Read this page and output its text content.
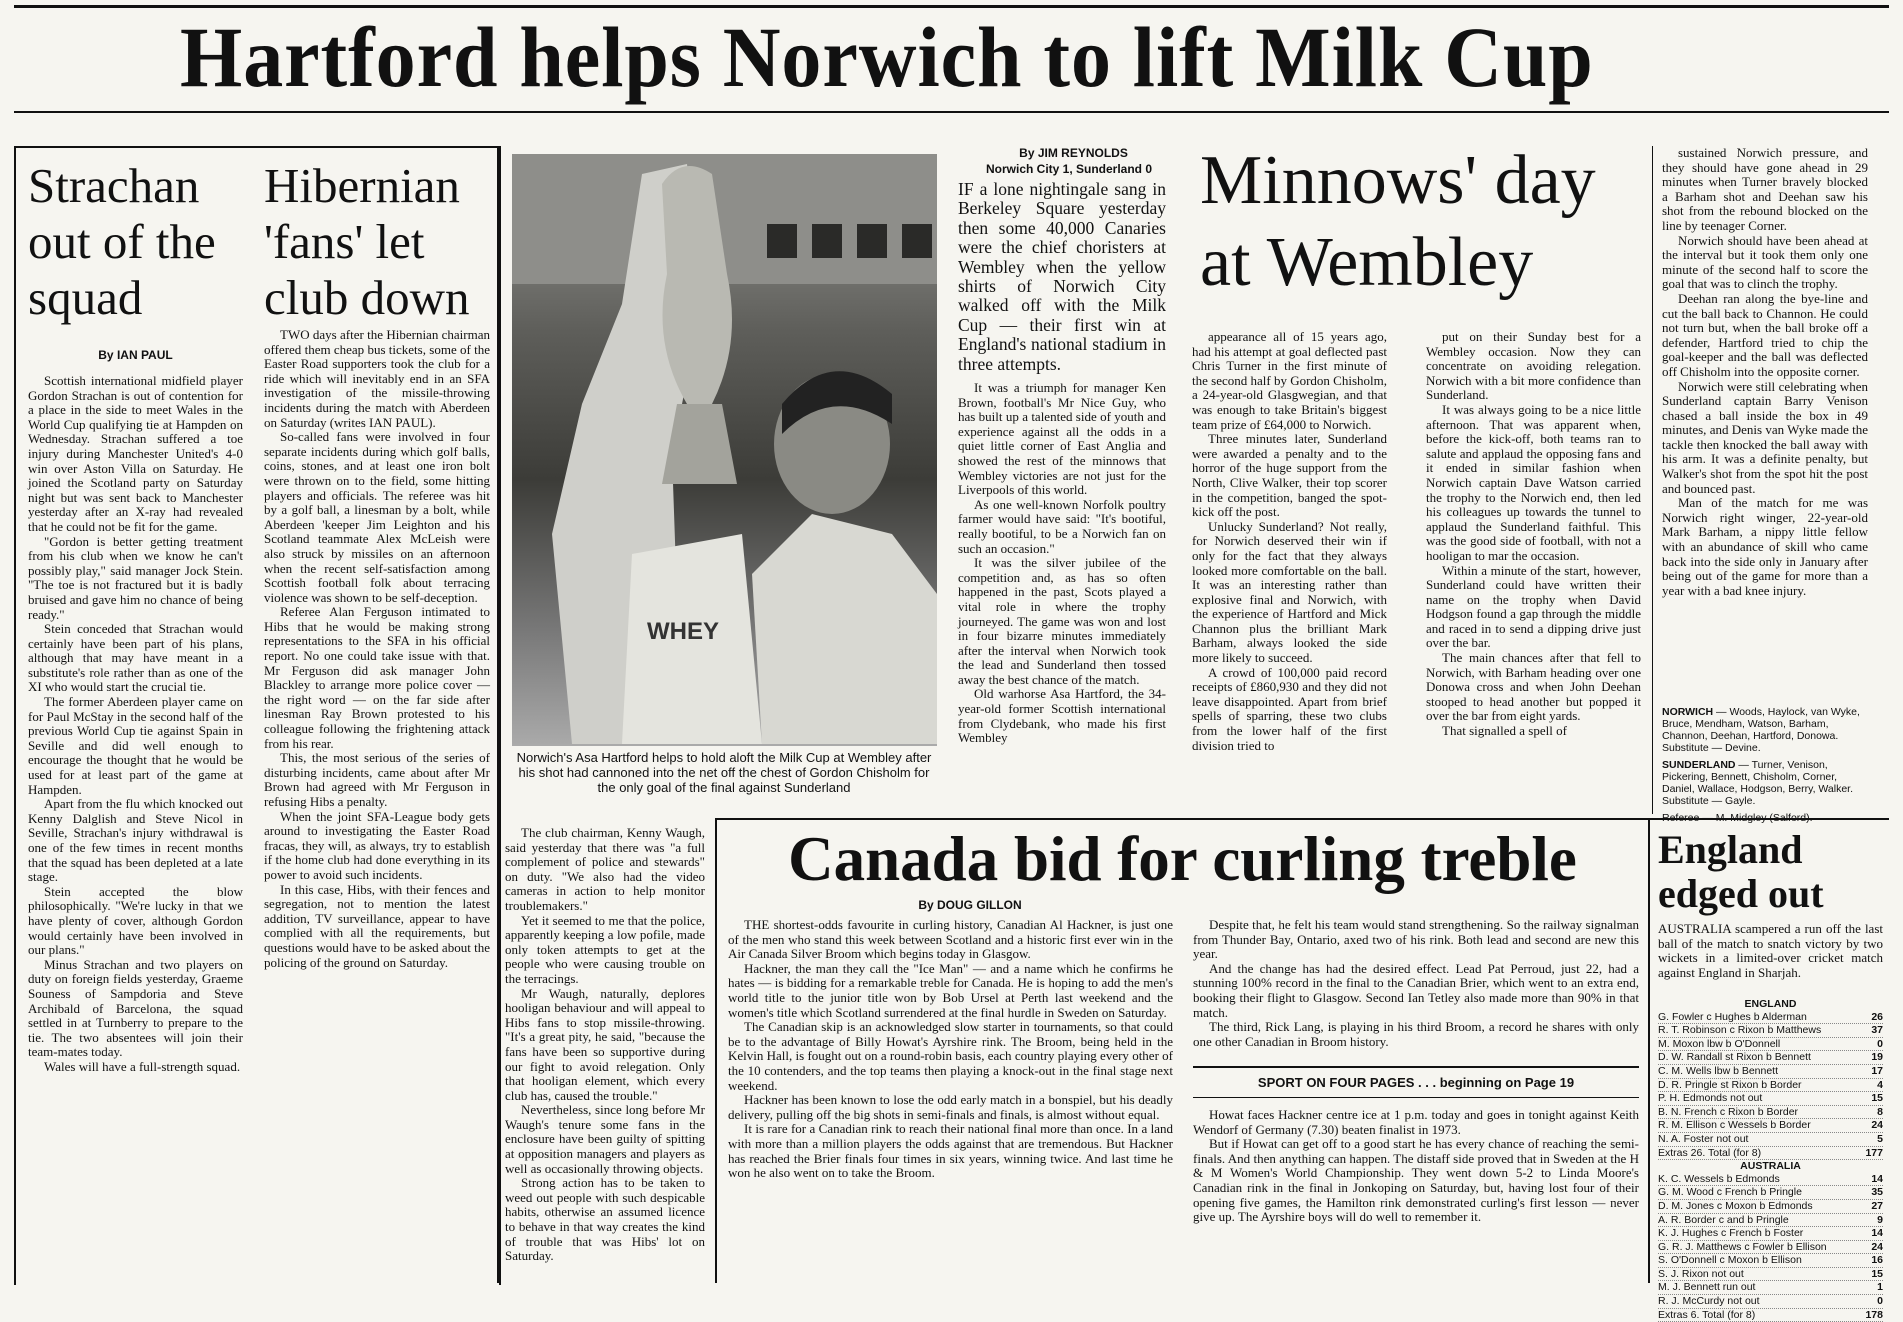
Hartford helps Norwich to lift Milk Cup
Strachan out of the squad
By IAN PAUL

Scottish international midfield player Gordon Strachan is out of contention for a place in the side to meet Wales in the World Cup qualifying tie at Hampden on Wednesday. Strachan suffered a toe injury during Manchester United's 4-0 win over Aston Villa on Saturday. He joined the Scotland party on Saturday night but was sent back to Manchester yesterday after an X-ray had revealed that he could not be fit for the game.

"Gordon is better getting treatment from his club when we know he can't possibly play," said manager Jock Stein. "The toe is not fractured but it is badly bruised and gave him no chance of being ready."

Stein conceded that Strachan would certainly have been part of his plans, although that may have meant in a substitute's role rather than as one of the XI who would start the crucial tie.

The former Aberdeen player came on for Paul McStay in the second half of the previous World Cup tie against Spain in Seville and did well enough to encourage the thought that he would be used for at least part of the game at Hampden.

Apart from the flu which knocked out Kenny Dalglish and Steve Nicol in Seville, Strachan's injury withdrawal is one of the few times in recent months that the squad has been depleted at a late stage.

Stein accepted the blow philosophically. "We're lucky in that we have plenty of cover, although Gordon would certainly have been involved in our plans."

Minus Strachan and two players on duty on foreign fields yesterday, Graeme Souness of Sampdoria and Steve Archibald of Barcelona, the squad settled in at Turnberry to prepare to the tie. The two absentees will join their team-mates today.

Wales will have a full-strength squad.

Hibernian 'fans' let club down

TWO days after the Hibernian chairman offered them cheap bus tickets, some of the Easter Road supporters took the club for a ride which will inevitably end in an SFA investigation of the missile-throwing incidents during the match with Aberdeen on Saturday (writes IAN PAUL).

So-called fans were involved in four separate incidents during which golf balls, coins, stones, and at least one iron bolt were thrown on to the field, some hitting players and officials. The referee was hit by a golf ball, a linesman by a bolt, while Aberdeen 'keeper Jim Leighton and his Scotland teammate Alex McLeish were also struck by missiles on an afternoon when the recent self-satisfaction among Scottish football folk about terracing violence was shown to be self-deception.

Referee Alan Ferguson intimated to Hibs that he would be making strong representations to the SFA in his official report. No one could take issue with that. Mr Ferguson did ask manager John Blackley to arrange more police cover — the right word — on the far side after linesman Ray Brown protested to his colleague following the frightening attack from his rear.

This, the most serious of the series of disturbing incidents, came about after Mr Brown had agreed with Mr Ferguson in refusing Hibs a penalty.

When the joint SFA-League body gets around to investigating the Easter Road fracas, they will, as always, try to establish if the home club had done everything in its power to avoid such incidents.

In this case, Hibs, with their fences and segregation, not to mention the latest addition, TV surveillance, appear to have complied with all the requirements, but questions would have to be asked about the policing of the ground on Saturday.

WHEY
Norwich's Asa Hartford helps to hold aloft the Milk Cup at Wembley after his shot had cannoned into the net off the chest of Gordon Chisholm for the only goal of the final against Sunderland

The club chairman, Kenny Waugh, said yesterday that there was "a full complement of police and stewards" on duty. "We also had the video cameras in action to help monitor troublemakers."

Yet it seemed to me that the police, apparently keeping a low pofile, made only token attempts to get at the people who were causing trouble on the terracings.

Mr Waugh, naturally, deplores hooligan behaviour and will appeal to Hibs fans to stop missile-throwing. "It's a great pity, he said, "because the fans have been so supportive during our fight to avoid relegation. Only that hooligan element, which every club has, caused the trouble."

Nevertheless, since long before Mr Waugh's tenure some fans in the enclosure have been guilty of spitting at opposition managers and players as well as occasionally throwing objects.

Strong action has to be taken to weed out people with such despicable habits, otherwise an assumed licence to behave in that way creates the kind of trouble that was Hibs' lot on Saturday.

By JIM REYNOLDS
Norwich City 1, Sunderland 0
IF a lone nightingale sang in Berkeley Square yesterday then some 40,000 Canaries were the chief choristers at Wembley when the yellow shirts of Norwich City walked off with the Milk Cup — their first win at England's national stadium in three attempts.

It was a triumph for manager Ken Brown, football's Mr Nice Guy, who has built up a talented side of youth and experience against all the odds in a quiet little corner of East Anglia and showed the rest of the minnows that Wembley victories are not just for the Liverpools of this world.

As one well-known Norfolk poultry farmer would have said: "It's bootiful, really bootiful, to be a Norwich fan on such an occasion."

It was the silver jubilee of the competition and, as has so often happened in the past, Scots played a vital role in where the trophy journeyed. The game was won and lost in four bizarre minutes immediately after the interval when Norwich took the lead and Sunderland then tossed away the best chance of the match.

Old warhorse Asa Hartford, the 34-year-old former Scottish international from Clydebank, who made his first Wembley

Minnows' day at Wembley

appearance all of 15 years ago, had his attempt at goal deflected past Chris Turner in the first minute of the second half by Gordon Chisholm, a 24-year-old Glasgwegian, and that was enough to take Britain's biggest team prize of £64,000 to Norwich.

Three minutes later, Sunderland were awarded a penalty and to the horror of the huge support from the North, Clive Walker, their top scorer in the competition, banged the spot-kick off the post.

Unlucky Sunderland? Not really, for Norwich deserved their win if only for the fact that they always looked more comfortable on the ball. It was an interesting rather than explosive final and Norwich, with the experience of Hartford and Mick Channon plus the brilliant Mark Barham, always looked the side more likely to succeed.

A crowd of 100,000 paid record receipts of £860,930 and they did not leave disappointed. Apart from brief spells of sparring, these two clubs from the lower half of the first division tried to

put on their Sunday best for a Wembley occasion. Now they can concentrate on avoiding relegation. Norwich with a bit more confidence than Sunderland.

It was always going to be a nice little afternoon. That was apparent when, before the kick-off, both teams ran to salute and applaud the opposing fans and it ended in similar fashion when Norwich captain Dave Watson carried the trophy to the Norwich end, then led his colleagues up towards the tunnel to applaud the Sunderland faithful. This was the good side of football, with not a hooligan to mar the occasion.

Within a minute of the start, however, Sunderland could have written their name on the trophy when David Hodgson found a gap through the middle and raced in to send a dipping drive just over the bar.

The main chances after that fell to Norwich, with Barham heading over one Donowa cross and when John Deehan stooped to head another but popped it over the bar from eight yards.

That signalled a spell of

sustained Norwich pressure, and they should have gone ahead in 29 minutes when Turner bravely blocked a Barham shot and Deehan saw his shot from the rebound blocked on the line by teenager Corner.

Norwich should have been ahead at the interval but it took them only one minute of the second half to score the goal that was to clinch the trophy.

Deehan ran along the bye-line and cut the ball back to Channon. He could not turn but, when the ball broke off a defender, Hartford tried to chip the goal-keeper and the ball was deflected off Chisholm into the opposite corner.

Norwich were still celebrating when Sunderland captain Barry Venison chased a ball inside the box in 49 minutes, and Denis van Wyke made the tackle then knocked the ball away with his arm. It was a definite penalty, but Walker's shot from the spot hit the post and bounced past.

Man of the match for me was Norwich right winger, 22-year-old Mark Barham, a nippy little fellow with an abundance of skill who came back into the side only in January after being out of the game for more than a year with a bad knee injury.

NORWICH — Woods, Haylock, van Wyke, Bruce, Mendham, Watson, Barham, Channon, Deehan, Hartford, Donowa. Substitute — Devine.
SUNDERLAND — Turner, Venison, Pickering, Bennett, Chisholm, Corner, Daniel, Wallace, Hodgson, Berry, Walker. Substitute — Gayle.
Canada bid for curling treble
By DOUG GILLON

THE shortest-odds favourite in curling history, Canadian Al Hackner, is just one of the men who stand this week between Scotland and a historic first ever win in the Air Canada Silver Broom which begins today in Glasgow.

Hackner, the man they call the "Ice Man" — and a name which he confirms he hates — is bidding for a remarkable treble for Canada. He is hoping to add the men's world title to the junior title won by Bob Ursel at Perth last weekend and the women's title which Scotland surrendered at the final hurdle in Sweden on Saturday.

The Canadian skip is an acknowledged slow starter in tournaments, so that could be to the advantage of Billy Howat's Ayrshire rink. The Broom, being held in the Kelvin Hall, is fought out on a round-robin basis, each country playing every other of the 10 contenders, and the top teams then playing a knock-out in the final stage next weekend.

Hackner has been known to lose the odd early match in a bonspiel, but his deadly delivery, pulling off the big shots in semi-finals and finals, is almost without equal.

It is rare for a Canadian rink to reach their national final more than once. In a land with more than a million players the odds against that are tremendous. But Hackner has reached the Brier finals four times in six years, winning twice. And last time he won he also went on to take the Broom.

Despite that, he felt his team would stand strengthening. So the railway signalman from Thunder Bay, Ontario, axed two of his rink. Both lead and second are new this year.

And the change has had the desired effect. Lead Pat Perroud, just 22, had a stunning 100% record in the final to the Canadian Brier, which went to an extra end, booking their flight to Glasgow. Second Ian Tetley also made more than 90% in that match.

The third, Rick Lang, is playing in his third Broom, a record he shares with only one other Canadian in Broom history.

SPORT ON FOUR PAGES . . . beginning on Page 19

Howat faces Hackner centre ice at 1 p.m. today and goes in tonight against Keith Wendorf of Germany (7.30) beaten finalist in 1973.

But if Howat can get off to a good start he has every chance of reaching the semi-finals. And then anything can happen. The distaff side proved that in Sweden at the H & M Women's World Championship. They went down 5-2 to Linda Moore's Canadian rink in the final in Jonkoping on Saturday, but, having lost four of their opening five games, the Hamilton rink demonstrated curling's first lesson — never give up. The Ayrshire boys will do well to remember it.

England edged out
AUSTRALIA scampered a run off the last ball of the match to snatch victory by two wickets in a limited-over cricket match against England in Sharjah.
ENGLAND
G. Fowler c Hughes b Alderman	26
R. T. Robinson c Rixon b Matthews	37
M. Moxon lbw b O'Donnell	0
D. W. Randall st Rixon b Bennett	19
C. M. Wells lbw b Bennett	17
D. R. Pringle st Rixon b Border	4
P. H. Edmonds not out	15
B. N. French c Rixon b Border	8
R. M. Ellison c Wessels b Border	24
N. A. Foster not out	5
Extras 26. Total (for 8)	177
AUSTRALIA
K. C. Wessels b Edmonds	14
G. M. Wood c French b Pringle	35
D. M. Jones c Moxon b Edmonds	27
A. R. Border c and b Pringle	9
K. J. Hughes c French b Foster	14
G. R. J. Matthews c Fowler b Ellison	24
S. O'Donnell c Moxon b Ellison	16
S. J. Rixon not out	15
M. J. Bennett run out	1
R. J. McCurdy not out	0
Extras 6. Total (for 8)	178
